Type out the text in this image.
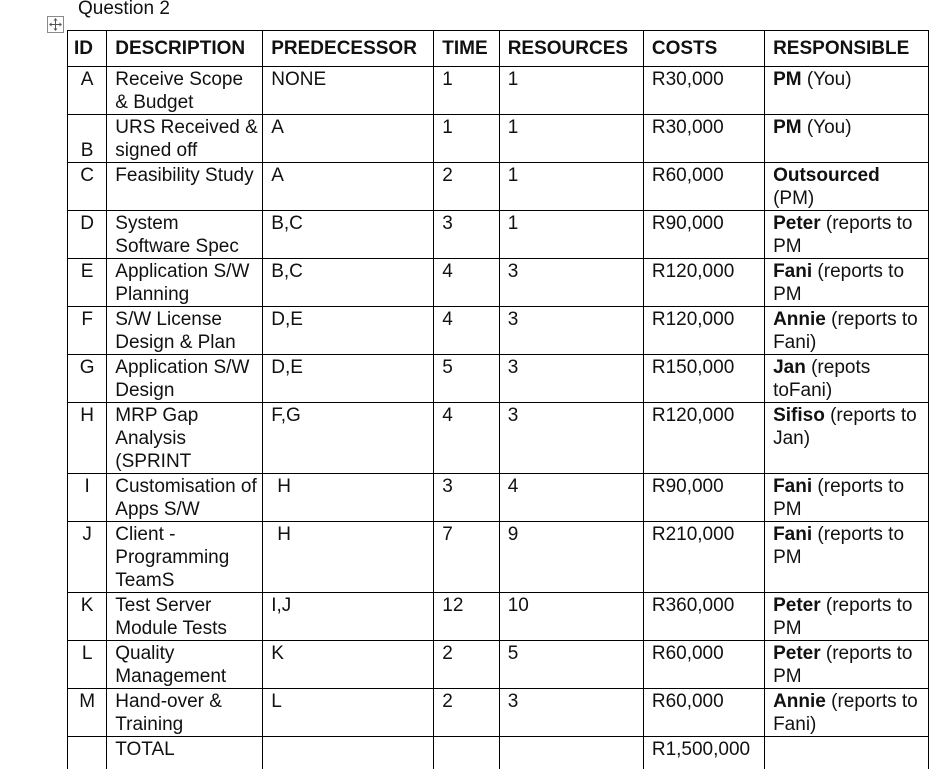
Question 2
ID	DESCRIPTION	PREDECESSOR	TIME	RESOURCES	COSTS	RESPONSIBLE
A	Receive Scope & Budget	NONE	1	1	R30,000	PM (You)
B	URS Received & signed off	A	1	1	R30,000	PM (You)
C	Feasibility Study	A	2	1	R60,000	Outsourced (PM)
D	System Software Spec	B,C	3	1	R90,000	Peter (reports to PM
E	Application S/W Planning	B,C	4	3	R120,000	Fani (reports to PM
F	S/W License Design & Plan	D,E	4	3	R120,000	Annie (reports to Fani)
G	Application S/W Design	D,E	5	3	R150,000	Jan (repots toFani)
H	MRP Gap Analysis (SPRINT	F,G	4	3	R120,000	Sifiso (reports to Jan)
I	Customisation of Apps S/W	H	3	4	R90,000	Fani (reports to PM
J	Client - Programming TeamS	H	7	9	R210,000	Fani (reports to PM
K	Test Server Module Tests	I,J	12	10	R360,000	Peter (reports to PM
L	Quality Management	K	2	5	R60,000	Peter (reports to PM
M	Hand-over & Training	L	2	3	R60,000	Annie (reports to Fani)
	TOTAL				R1,500,000	
